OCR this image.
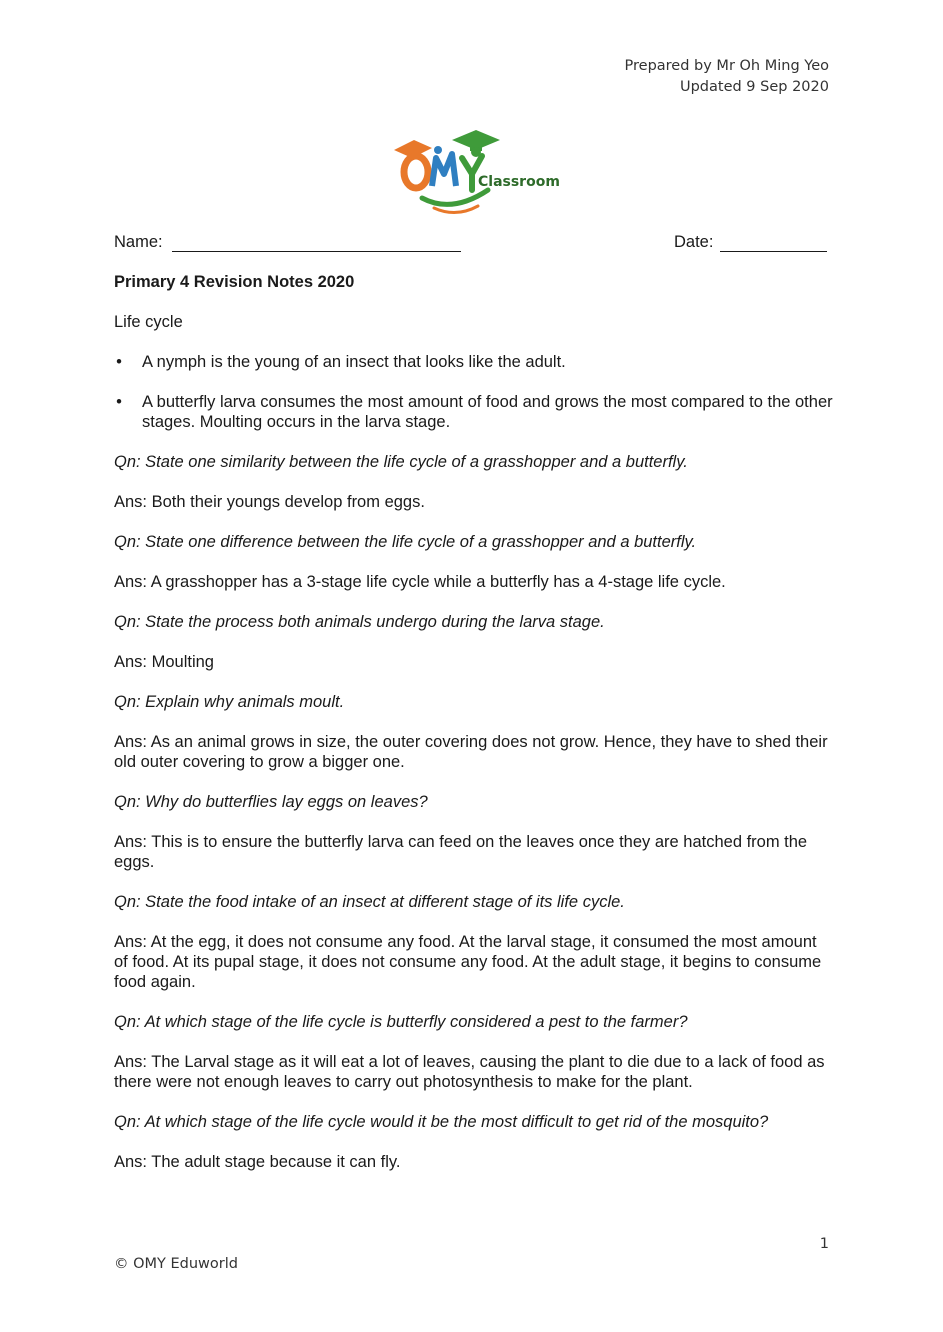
Prepared by Mr Oh Ming Yeo
Updated 9 Sep 2020
Classroom
Name:	Date:
Primary 4 Revision Notes 2020
Life cycle
• A nymph is the young of an insect that looks like the adult.
• A butterfly larva consumes the most amount of food and grows the most compared to the other stages. Moulting occurs in the larva stage.
Qn: State one similarity between the life cycle of a grasshopper and a butterfly.
Ans: Both their youngs develop from eggs.
Qn: State one difference between the life cycle of a grasshopper and a butterfly.
Ans: A grasshopper has a 3-stage life cycle while a butterfly has a 4-stage life cycle.
Qn: State the process both animals undergo during the larva stage.
Ans: Moulting
Qn: Explain why animals moult.
Ans: As an animal grows in size, the outer covering does not grow. Hence, they have to shed their old outer covering to grow a bigger one.
Qn: Why do butterflies lay eggs on leaves?
Ans: This is to ensure the butterfly larva can feed on the leaves once they are hatched from the eggs.
Qn: State the food intake of an insect at different stage of its life cycle.
Ans: At the egg, it does not consume any food. At the larval stage, it consumed the most amount of food. At its pupal stage, it does not consume any food. At the adult stage, it begins to consume food again.
Qn: At which stage of the life cycle is butterfly considered a pest to the farmer?
Ans: The Larval stage as it will eat a lot of leaves, causing the plant to die due to a lack of food as there were not enough leaves to carry out photosynthesis to make for the plant.
Qn: At which stage of the life cycle would it be the most difficult to get rid of the mosquito?
Ans: The adult stage because it can fly.
1
© OMY Eduworld
